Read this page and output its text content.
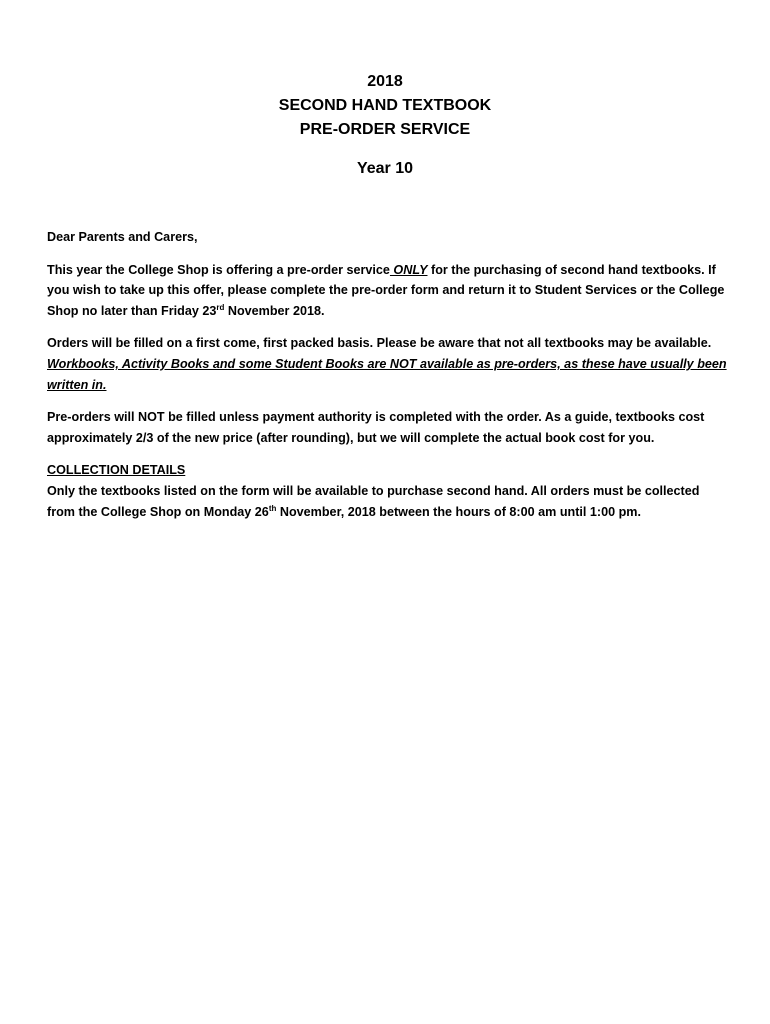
2018
SECOND HAND TEXTBOOK
PRE-ORDER SERVICE
Year 10

Dear Parents and Carers,

This year the College Shop is offering a pre-order service ONLY for the purchasing of second hand textbooks. If you wish to take up this offer, please complete the pre-order form and return it to Student Services or the College Shop no later than Friday 23rd November 2018.

Orders will be filled on a first come, first packed basis. Please be aware that not all textbooks may be available. Workbooks, Activity Books and some Student Books are NOT available as pre-orders, as these have usually been written in.

Pre-orders will NOT be filled unless payment authority is completed with the order. As a guide, textbooks cost approximately 2/3 of the new price (after rounding), but we will complete the actual book cost for you.

COLLECTION DETAILS
Only the textbooks listed on the form will be available to purchase second hand. All orders must be collected from the College Shop on Monday 26th November, 2018 between the hours of 8:00 am until 1:00 pm.
